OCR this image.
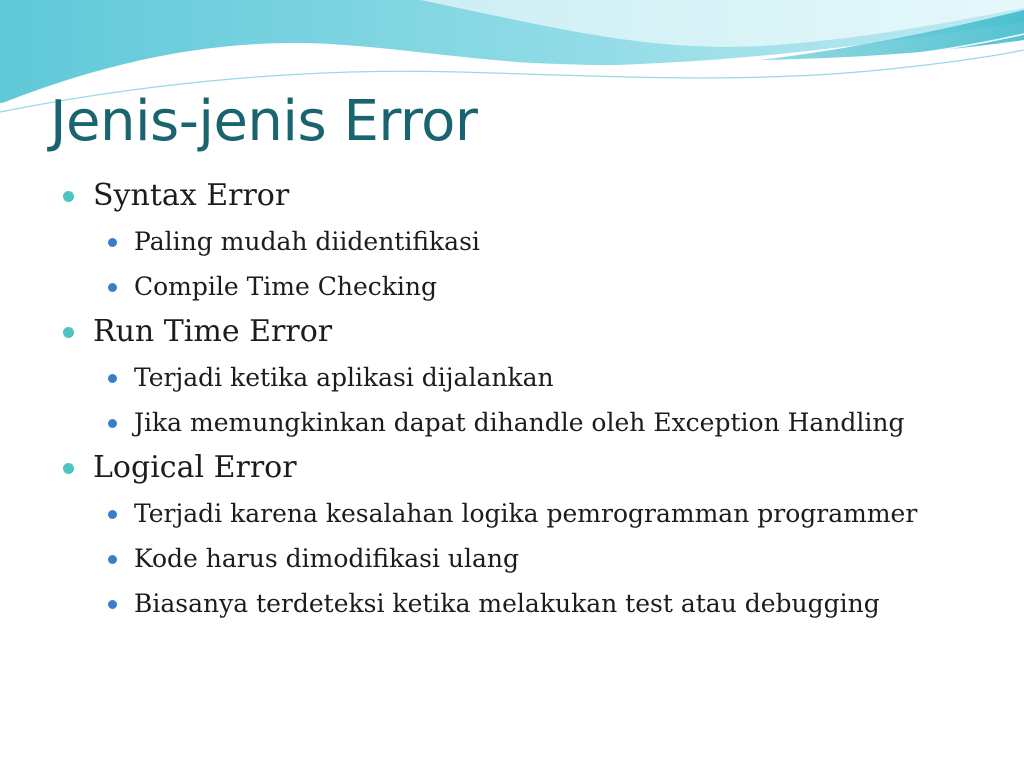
Jenis-jenis Error
Syntax Error
Paling mudah diidentifikasi
Compile Time Checking
Run Time Error
Terjadi ketika aplikasi dijalankan
Jika memungkinkan dapat dihandle oleh Exception Handling
Logical Error
Terjadi karena kesalahan logika pemrogramman programmer
Kode harus dimodifikasi ulang
Biasanya terdeteksi ketika melakukan test atau debugging
